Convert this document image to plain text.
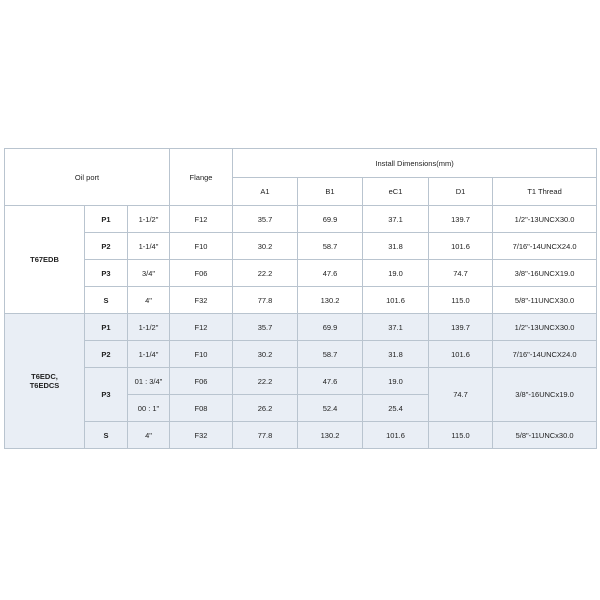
Oil port			Flange	Install Dimensions(mm)				
				A1	B1	eC1	D1	T1 Thread
T67EDB	P1	1-1/2"	F12	35.7	69.9	37.1	139.7	1/2"-13UNCX30.0
	P2	1-1/4"	F10	30.2	58.7	31.8	101.6	7/16"-14UNCX24.0
	P3	3/4"	F06	22.2	47.6	19.0	74.7	3/8"-16UNCX19.0
	S	4"	F32	77.8	130.2	101.6	115.0	5/8"-11UNCX30.0
T6EDC,
T6EDCS	P1	1-1/2"	F12	35.7	69.9	37.1	139.7	1/2"-13UNCX30.0
	P2	1-1/4"	F10	30.2	58.7	31.8	101.6	7/16"-14UNCX24.0
	P3	01 : 3/4"	F06	22.2	47.6	19.0	74.7	3/8"-16UNCx19.0
		00 : 1"	F08	26.2	52.4	25.4		
	S	4"	F32	77.8	130.2	101.6	115.0	5/8"-11UNCx30.0
